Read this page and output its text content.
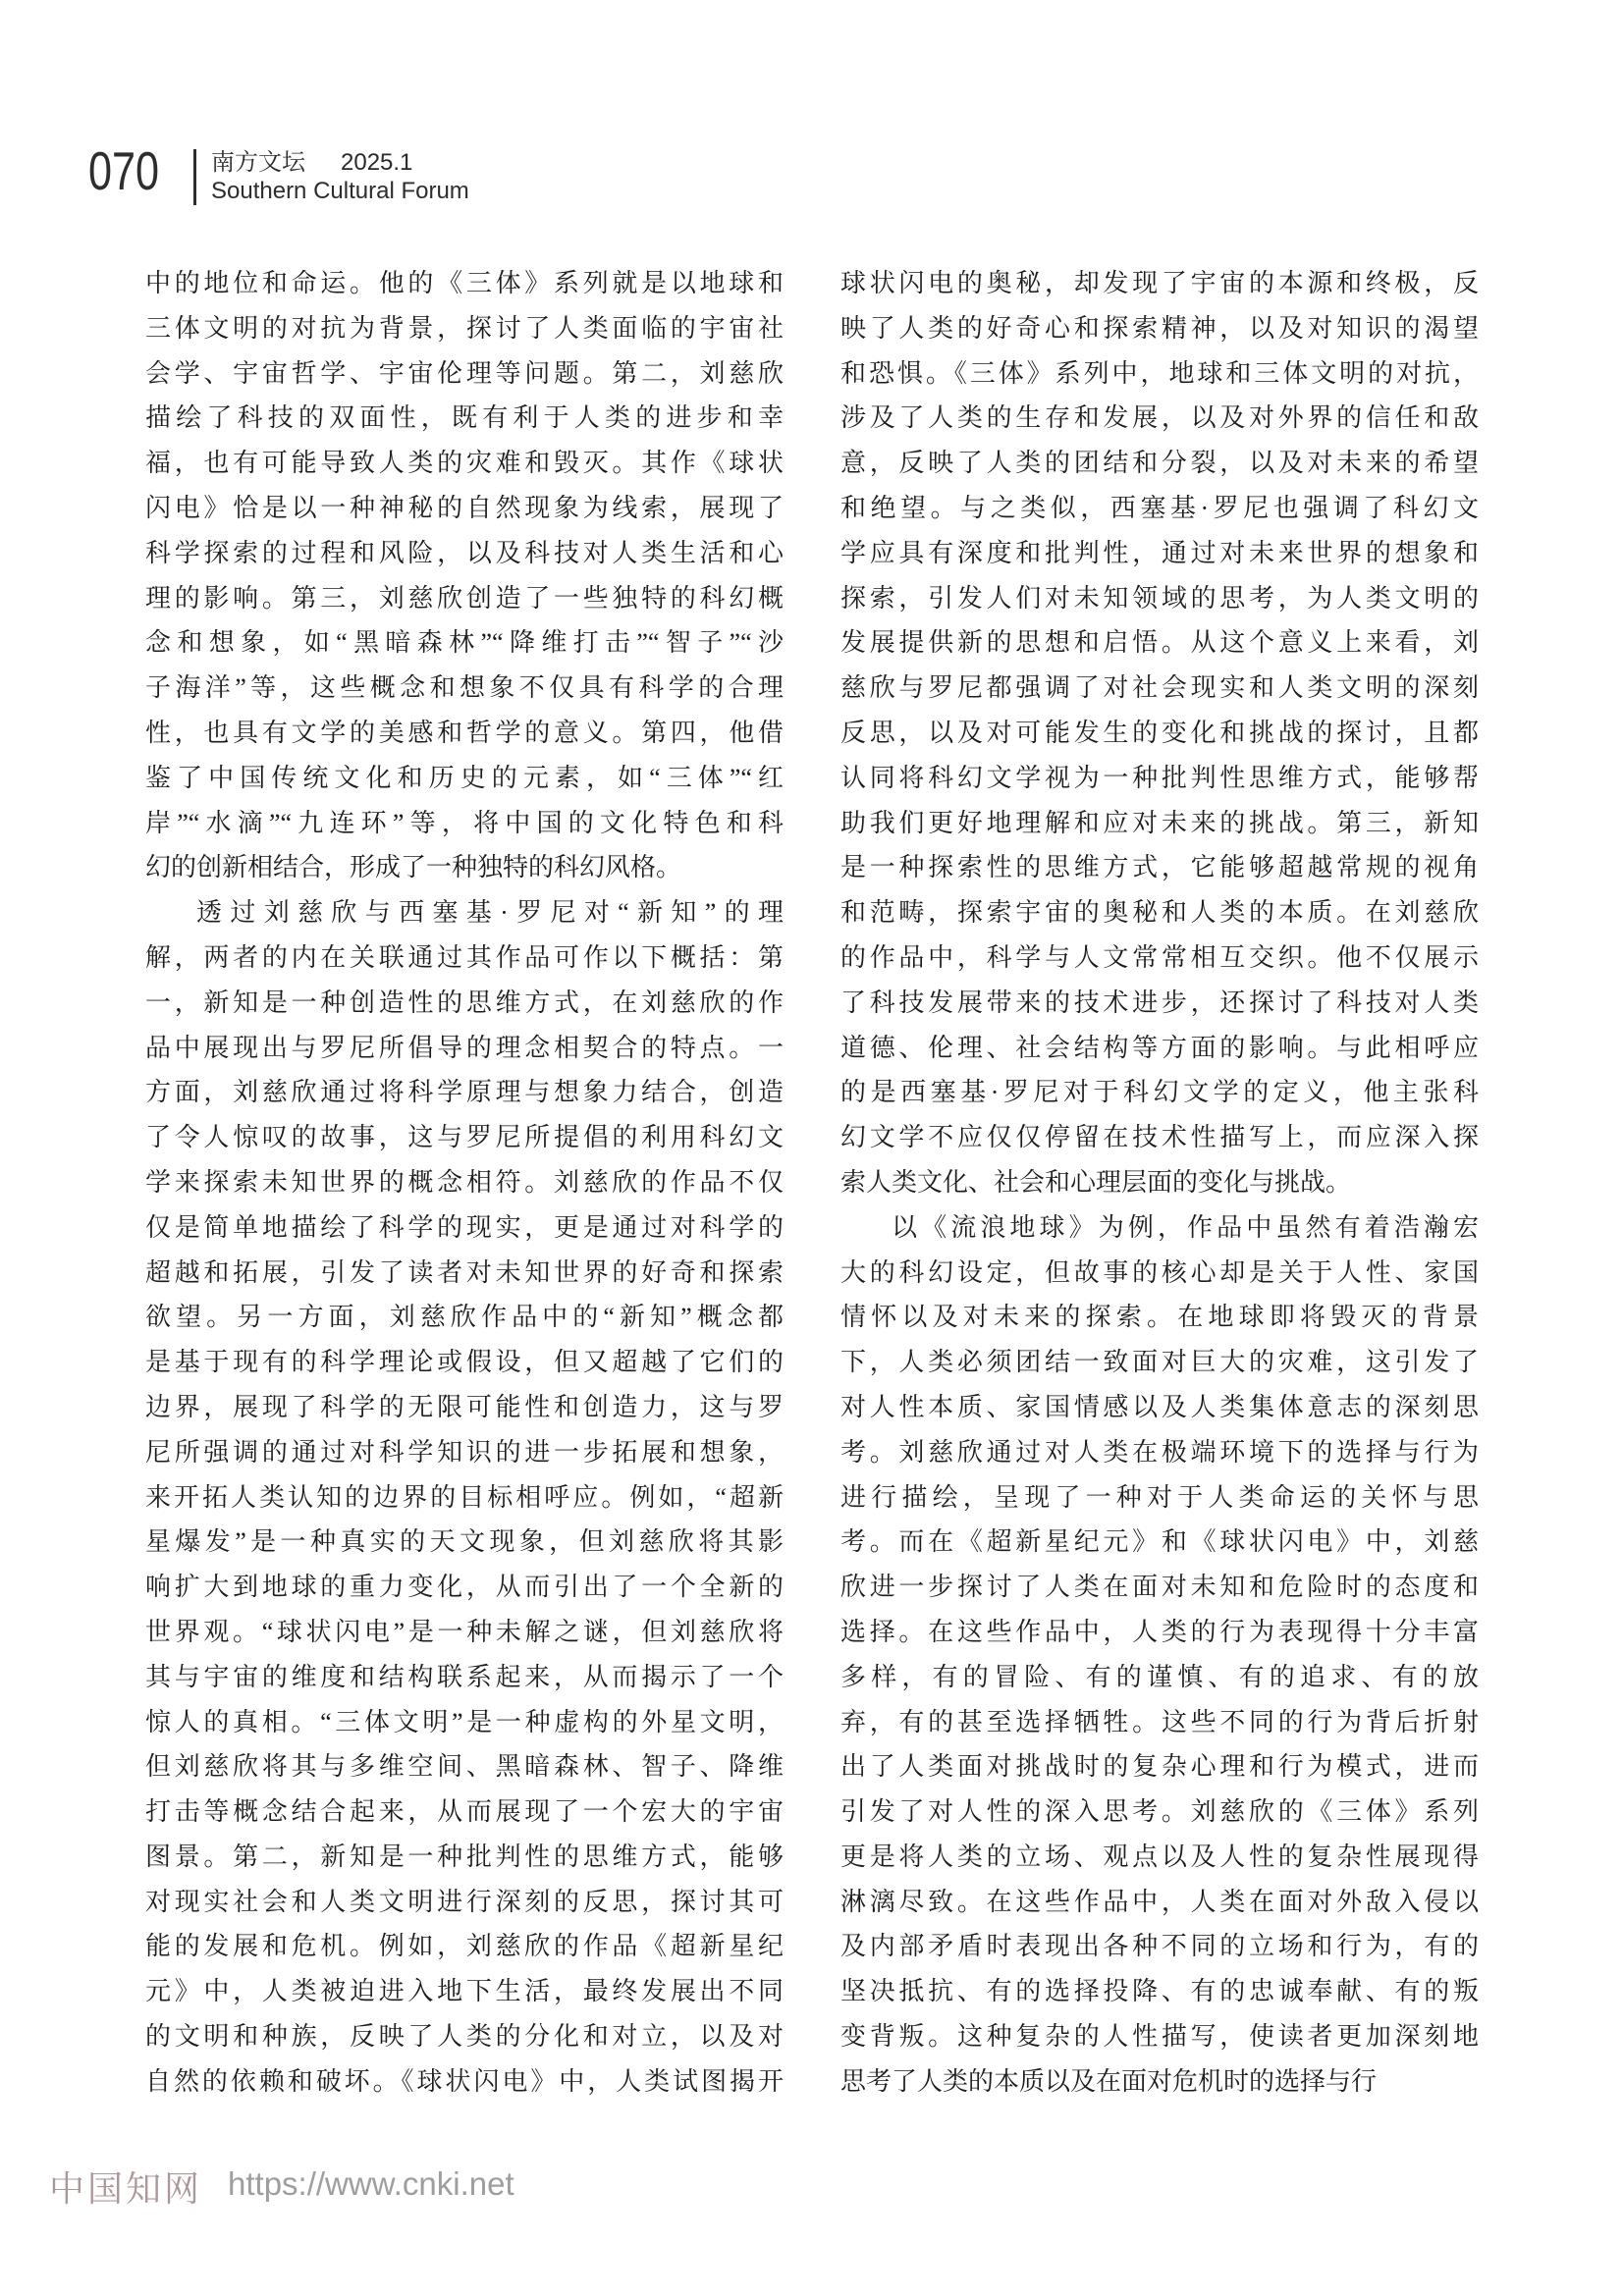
070 南方文坛 2025.1
Southern Cultural Forum
中的地位和命运。他的《三体》系列就是以地球和
三体文明的对抗为背景，探讨了人类面临的宇宙社
会学、宇宙哲学、宇宙伦理等问题。第二，刘慈欣
描绘了科技的双面性，既有利于人类的进步和幸
福，也有可能导致人类的灾难和毁灭。其作《球状
闪电》恰是以一种神秘的自然现象为线索，展现了
科学探索的过程和风险，以及科技对人类生活和心
理的影响。第三，刘慈欣创造了一些独特的科幻概
念和想象，如“黑暗森林”“降维打击”“智子”“沙
子海洋”等，这些概念和想象不仅具有科学的合理
性，也具有文学的美感和哲学的意义。第四，他借
鉴了中国传统文化和历史的元素，如“三体”“红
岸”“水滴”“九连环”等，将中国的文化特色和科
幻的创新相结合，形成了一种独特的科幻风格。
透过刘慈欣与西塞基·罗尼对“新知”的理
解，两者的内在关联通过其作品可作以下概括：第
一，新知是一种创造性的思维方式，在刘慈欣的作
品中展现出与罗尼所倡导的理念相契合的特点。一
方面，刘慈欣通过将科学原理与想象力结合，创造
了令人惊叹的故事，这与罗尼所提倡的利用科幻文
学来探索未知世界的概念相符。刘慈欣的作品不仅
仅是简单地描绘了科学的现实，更是通过对科学的
超越和拓展，引发了读者对未知世界的好奇和探索
欲望。另一方面，刘慈欣作品中的“新知”概念都
是基于现有的科学理论或假设，但又超越了它们的
边界，展现了科学的无限可能性和创造力，这与罗
尼所强调的通过对科学知识的进一步拓展和想象，
来开拓人类认知的边界的目标相呼应。例如，“超新
星爆发”是一种真实的天文现象，但刘慈欣将其影
响扩大到地球的重力变化，从而引出了一个全新的
世界观。“球状闪电”是一种未解之谜，但刘慈欣将
其与宇宙的维度和结构联系起来，从而揭示了一个
惊人的真相。“三体文明”是一种虚构的外星文明，
但刘慈欣将其与多维空间、黑暗森林、智子、降维
打击等概念结合起来，从而展现了一个宏大的宇宙
图景。第二，新知是一种批判性的思维方式，能够
对现实社会和人类文明进行深刻的反思，探讨其可
能的发展和危机。例如，刘慈欣的作品《超新星纪
元》中，人类被迫进入地下生活，最终发展出不同
的文明和种族，反映了人类的分化和对立，以及对
自然的依赖和破坏。《球状闪电》中，人类试图揭开
球状闪电的奥秘，却发现了宇宙的本源和终极，反
映了人类的好奇心和探索精神，以及对知识的渴望
和恐惧。《三体》系列中，地球和三体文明的对抗，
涉及了人类的生存和发展，以及对外界的信任和敌
意，反映了人类的团结和分裂，以及对未来的希望
和绝望。与之类似，西塞基·罗尼也强调了科幻文
学应具有深度和批判性，通过对未来世界的想象和
探索，引发人们对未知领域的思考，为人类文明的
发展提供新的思想和启悟。从这个意义上来看，刘
慈欣与罗尼都强调了对社会现实和人类文明的深刻
反思，以及对可能发生的变化和挑战的探讨，且都
认同将科幻文学视为一种批判性思维方式，能够帮
助我们更好地理解和应对未来的挑战。第三，新知
是一种探索性的思维方式，它能够超越常规的视角
和范畴，探索宇宙的奥秘和人类的本质。在刘慈欣
的作品中，科学与人文常常相互交织。他不仅展示
了科技发展带来的技术进步，还探讨了科技对人类
道德、伦理、社会结构等方面的影响。与此相呼应
的是西塞基·罗尼对于科幻文学的定义，他主张科
幻文学不应仅仅停留在技术性描写上，而应深入探
索人类文化、社会和心理层面的变化与挑战。
以《流浪地球》为例，作品中虽然有着浩瀚宏
大的科幻设定，但故事的核心却是关于人性、家国
情怀以及对未来的探索。在地球即将毁灭的背景
下，人类必须团结一致面对巨大的灾难，这引发了
对人性本质、家国情感以及人类集体意志的深刻思
考。刘慈欣通过对人类在极端环境下的选择与行为
进行描绘，呈现了一种对于人类命运的关怀与思
考。而在《超新星纪元》和《球状闪电》中，刘慈
欣进一步探讨了人类在面对未知和危险时的态度和
选择。在这些作品中，人类的行为表现得十分丰富
多样，有的冒险、有的谨慎、有的追求、有的放
弃，有的甚至选择牺牲。这些不同的行为背后折射
出了人类面对挑战时的复杂心理和行为模式，进而
引发了对人性的深入思考。刘慈欣的《三体》系列
更是将人类的立场、观点以及人性的复杂性展现得
淋漓尽致。在这些作品中，人类在面对外敌入侵以
及内部矛盾时表现出各种不同的立场和行为，有的
坚决抵抗、有的选择投降、有的忠诚奉献、有的叛
变背叛。这种复杂的人性描写，使读者更加深刻地
思考了人类的本质以及在面对危机时的选择与行
中国知网 https://www.cnki.net
